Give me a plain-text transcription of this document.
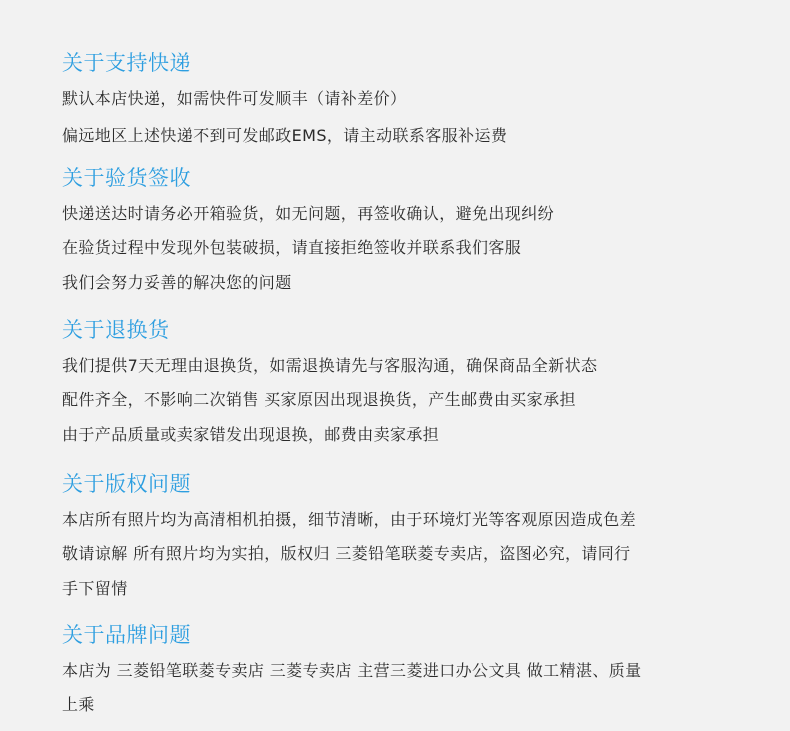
关于支持快递

默认本店快递，如需快件可发顺丰（请补差价）

偏远地区上述快递不到可发邮政EMS，请主动联系客服补运费

关于验货签收

快递送达时请务必开箱验货，如无问题，再签收确认，避免出现纠纷

在验货过程中发现外包装破损，请直接拒绝签收并联系我们客服

我们会努力妥善的解决您的问题

关于退换货

我们提供7天无理由退换货，如需退换请先与客服沟通，确保商品全新状态

配件齐全，不影响二次销售 买家原因出现退换货，产生邮费由买家承担

由于产品质量或卖家错发出现退换，邮费由卖家承担

关于版权问题

本店所有照片均为高清相机拍摄，细节清晰，由于环境灯光等客观原因造成色差

敬请谅解 所有照片均为实拍，版权归 三菱铅笔联菱专卖店，盗图必究，请同行

手下留情

关于品牌问题

本店为 三菱铅笔联菱专卖店 三菱专卖店 主营三菱进口办公文具 做工精湛、质量

上乘
